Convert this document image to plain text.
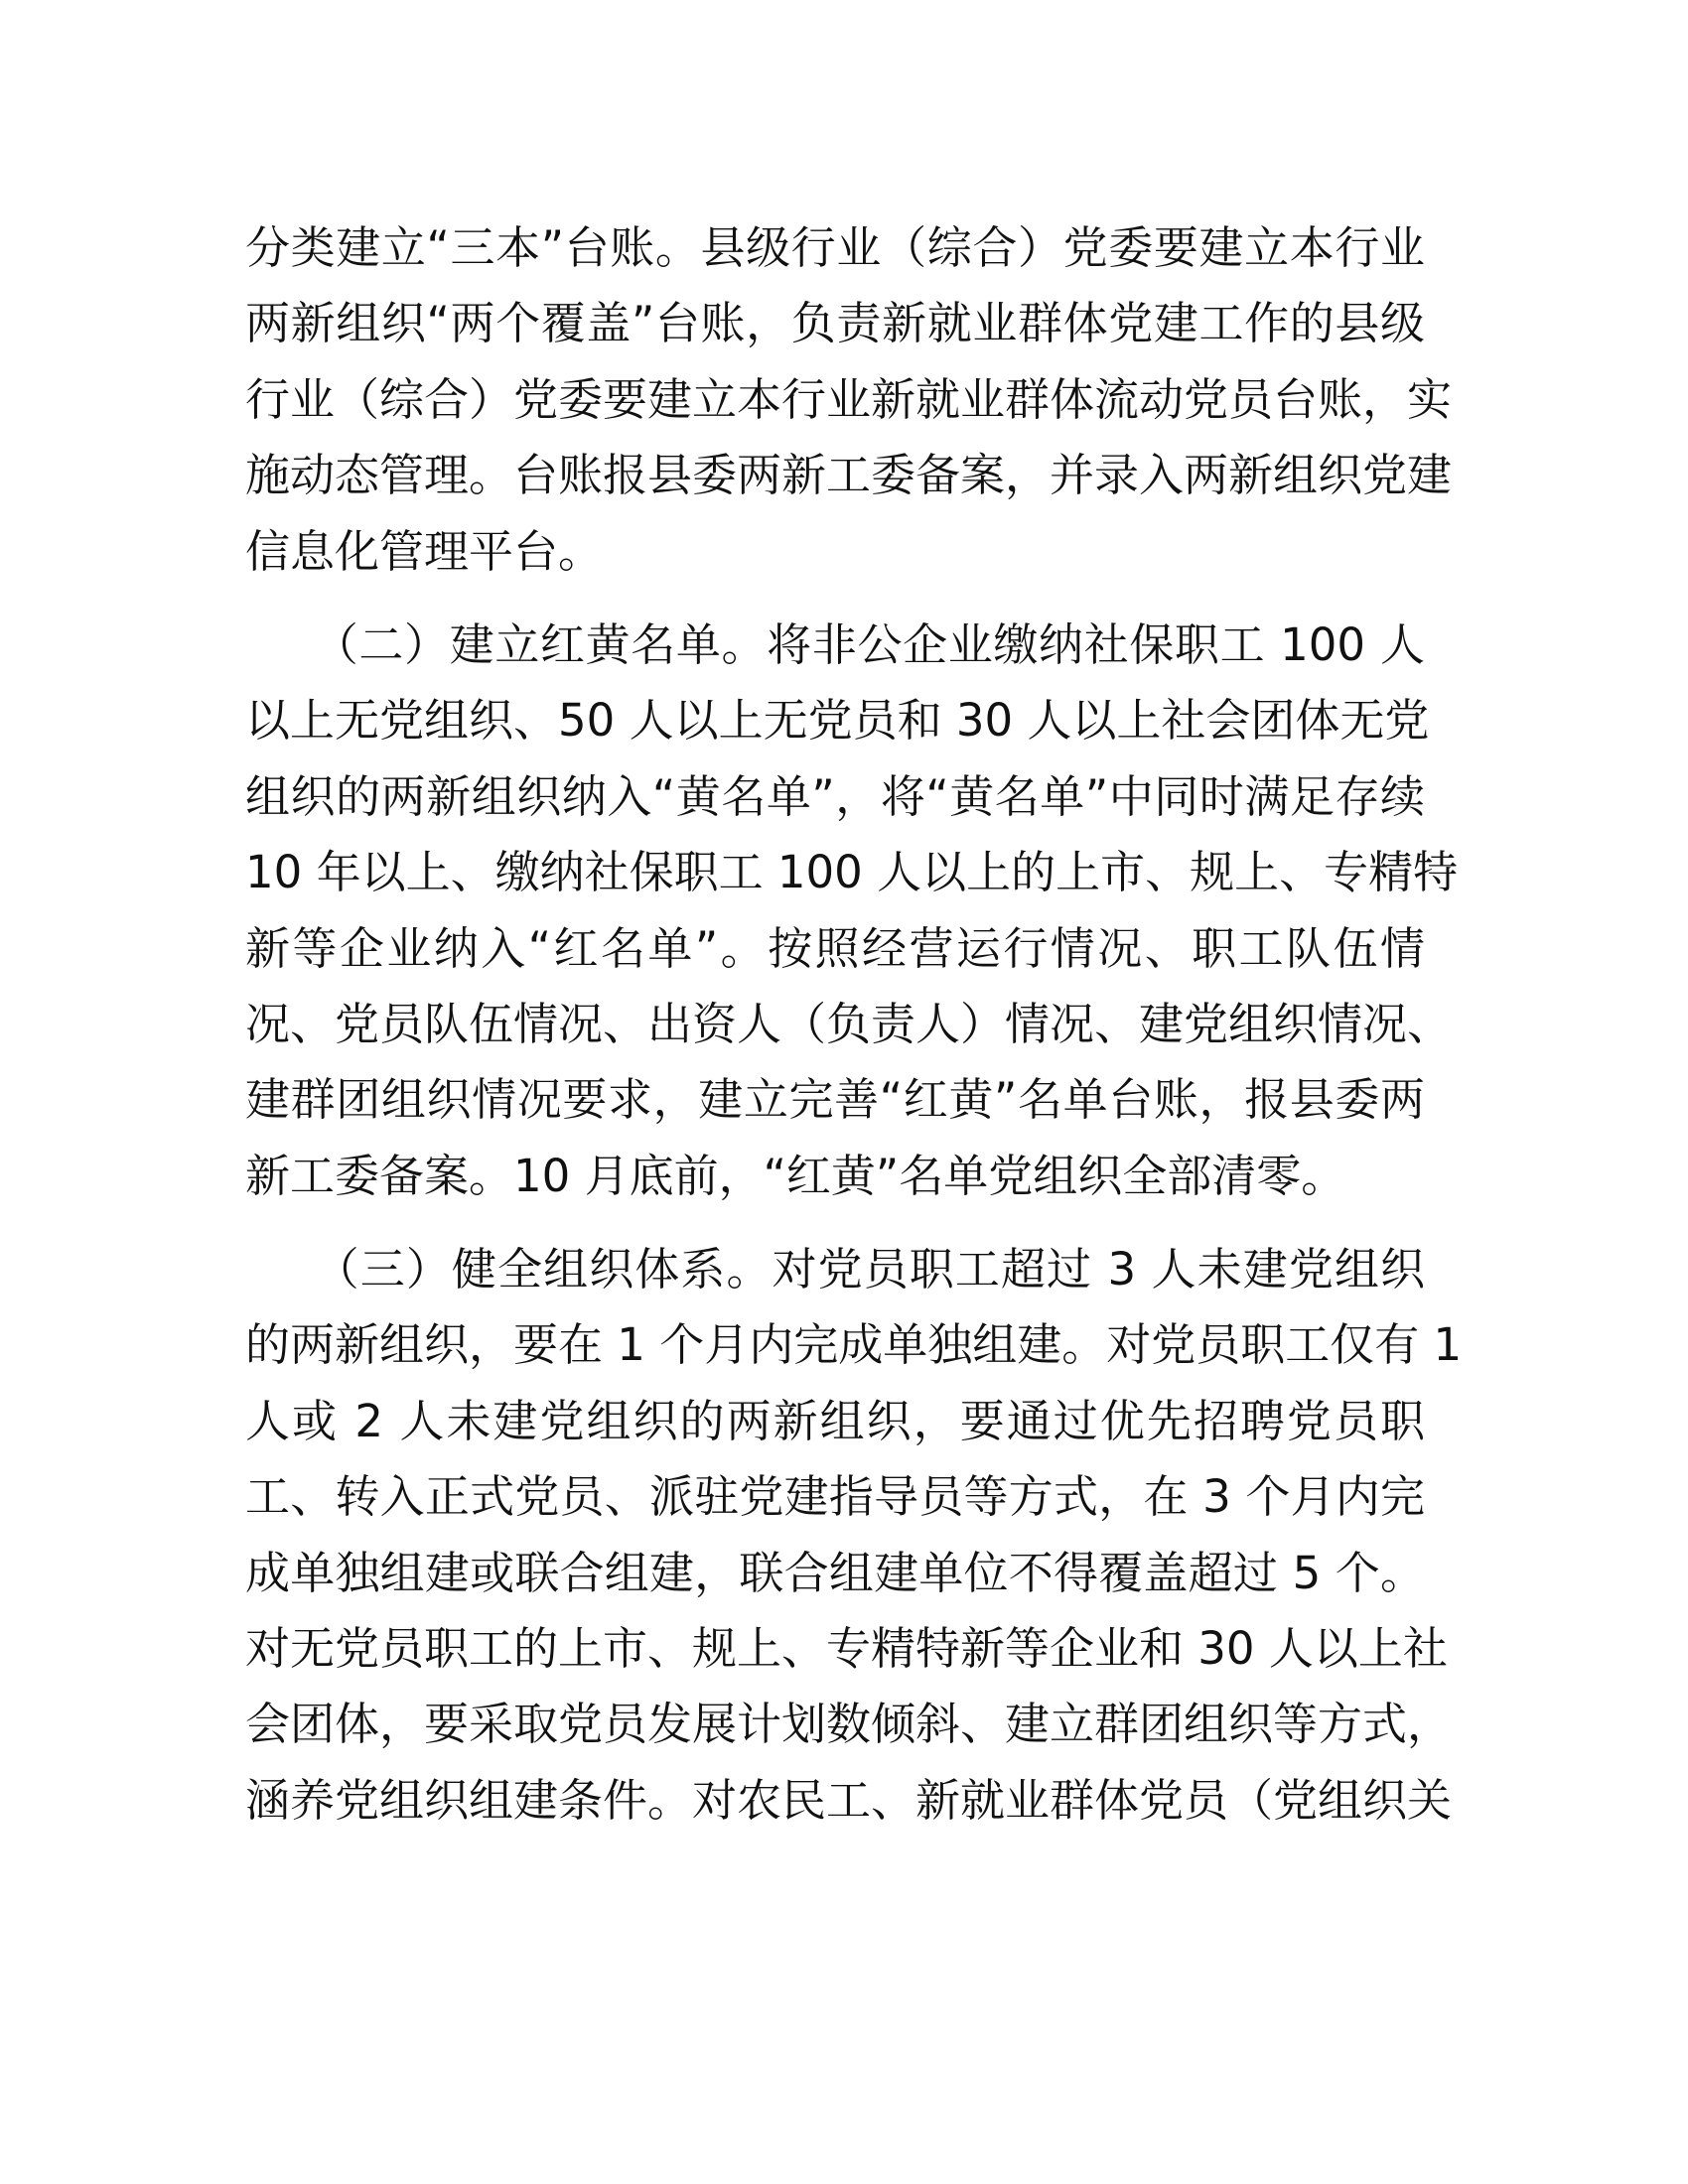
分类建立“三本”台账。县级行业（综合）党委要建立本行业
两新组织“两个覆盖”台账，负责新就业群体党建工作的县级
行业（综合）党委要建立本行业新就业群体流动党员台账，实
施动态管理。台账报县委两新工委备案，并录入两新组织党建
信息化管理平台。
　　（二）建立红黄名单。将非公企业缴纳社保职工 100 人
以上无党组织、50 人以上无党员和 30 人以上社会团体无党
组织的两新组织纳入“黄名单”，将“黄名单”中同时满足存续
10 年以上、缴纳社保职工 100 人以上的上市、规上、专精特
新等企业纳入“红名单”。按照经营运行情况、职工队伍情
况、党员队伍情况、出资人（负责人）情况、建党组织情况、
建群团组织情况要求，建立完善“红黄”名单台账，报县委两
新工委备案。10 月底前，“红黄”名单党组织全部清零。
　　（三）健全组织体系。对党员职工超过 3 人未建党组织
的两新组织，要在 1 个月内完成单独组建。对党员职工仅有 1
人或 2 人未建党组织的两新组织，要通过优先招聘党员职
工、转入正式党员、派驻党建指导员等方式，在 3 个月内完
成单独组建或联合组建，联合组建单位不得覆盖超过 5 个。
对无党员职工的上市、规上、专精特新等企业和 30 人以上社
会团体，要采取党员发展计划数倾斜、建立群团组织等方式，
涵养党组织组建条件。对农民工、新就业群体党员（党组织关
